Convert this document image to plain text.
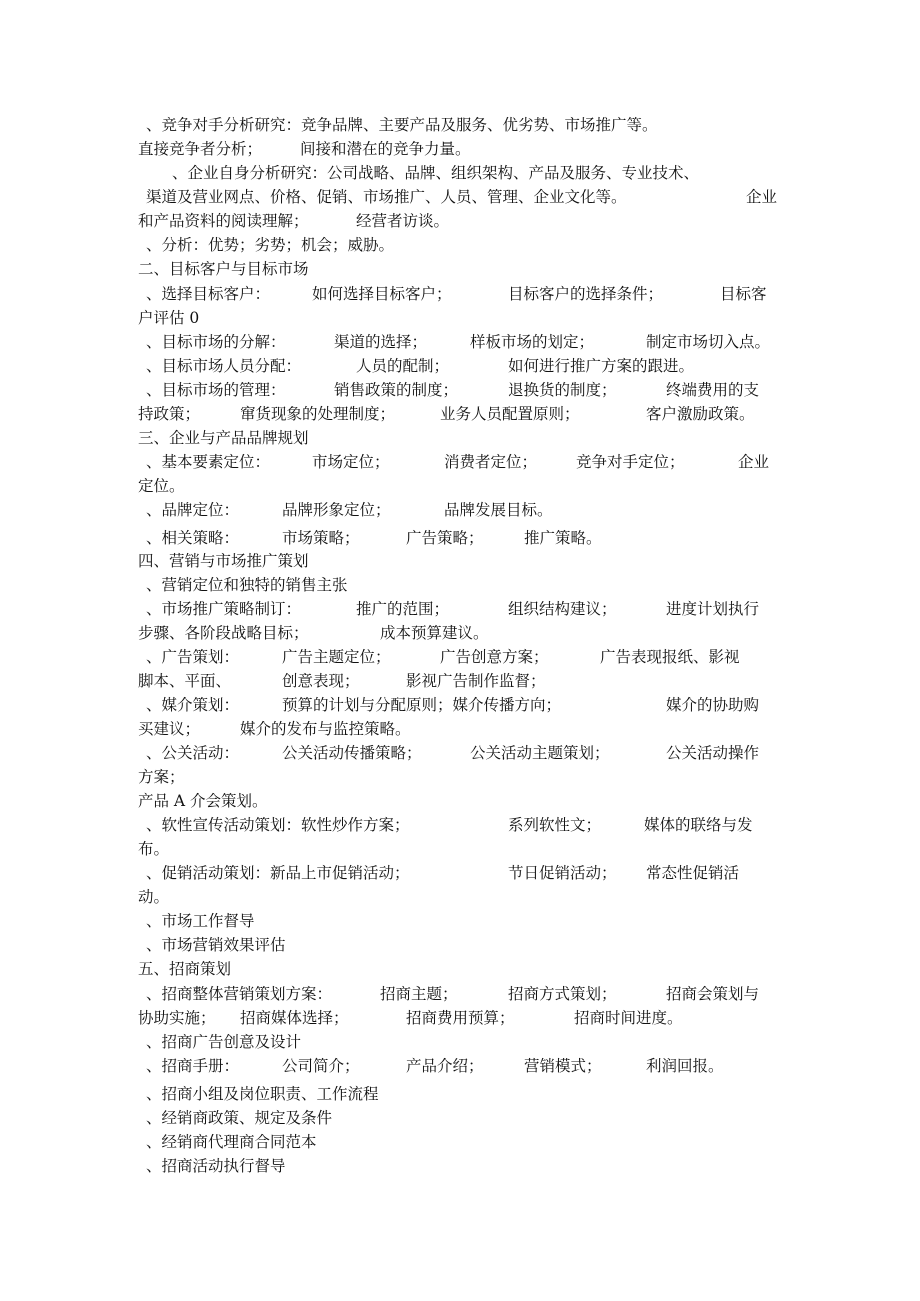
、竞争对手分析研究：竞争品牌、主要产品及服务、优劣势、市场推广等。
直接竞争者分析； 间接和潜在的竞争力量。
、企业自身分析研究：公司战略、品牌、组织架构、产品及服务、专业技术、
渠道及营业网点、价格、促销、市场推广、人员、管理、企业文化等。	企业
和产品资料的阅读理解；	经营者访谈。
、分析：优势；劣势；机会；威胁。
二、目标客户与目标市场
、选择目标客户：	如何选择目标客户；	目标客户的选择条件；	目标客
户评估 0
、目标市场的分解：	渠道的选择；	样板市场的划定；	制定市场切入点。
、目标市场人员分配：	人员的配制；	如何进行推广方案的跟进。
、目标市场的管理：	销售政策的制度；	退换货的制度；	终端费用的支
持政策；	窜货现象的处理制度；	业务人员配置原则；	客户激励政策。
三、企业与产品品牌规划
、基本要素定位：	市场定位；	消费者定位；	竞争对手定位；	企业
定位。
、品牌定位：	品牌形象定位；	品牌发展目标。
、相关策略：	市场策略；	广告策略；	推广策略。
四、营销与市场推广策划
、营销定位和独特的销售主张
、市场推广策略制订：	推广的范围；	组织结构建议；	进度计划执行
步骤、各阶段战略目标；	成本预算建议。
、广告策划：	广告主题定位；	广告创意方案；	广告表现报纸、影视
脚本、平面、	创意表现；	影视广告制作监督；
、媒介策划：	预算的计划与分配原则；媒介传播方向；	媒介的协助购
买建议；	媒介的发布与监控策略。
、公关活动：	公关活动传播策略；	公关活动主题策划；	公关活动操作
方案；
产品 A 介会策划。
、软性宣传活动策划：软性炒作方案；	系列软性文；	媒体的联络与发
布。
、促销活动策划：新品上市促销活动；	节日促销活动； 常态性促销活
动。
、市场工作督导
、市场营销效果评估
五、招商策划
、招商整体营销策划方案：	招商主题；	招商方式策划；	招商会策划与
协助实施； 招商媒体选择；	招商费用预算；	招商时间进度。
、招商广告创意及设计
、招商手册：	公司简介；	产品介绍；	营销模式；	利润回报。
、招商小组及岗位职责、工作流程
、经销商政策、规定及条件
、经销商代理商合同范本
、招商活动执行督导
